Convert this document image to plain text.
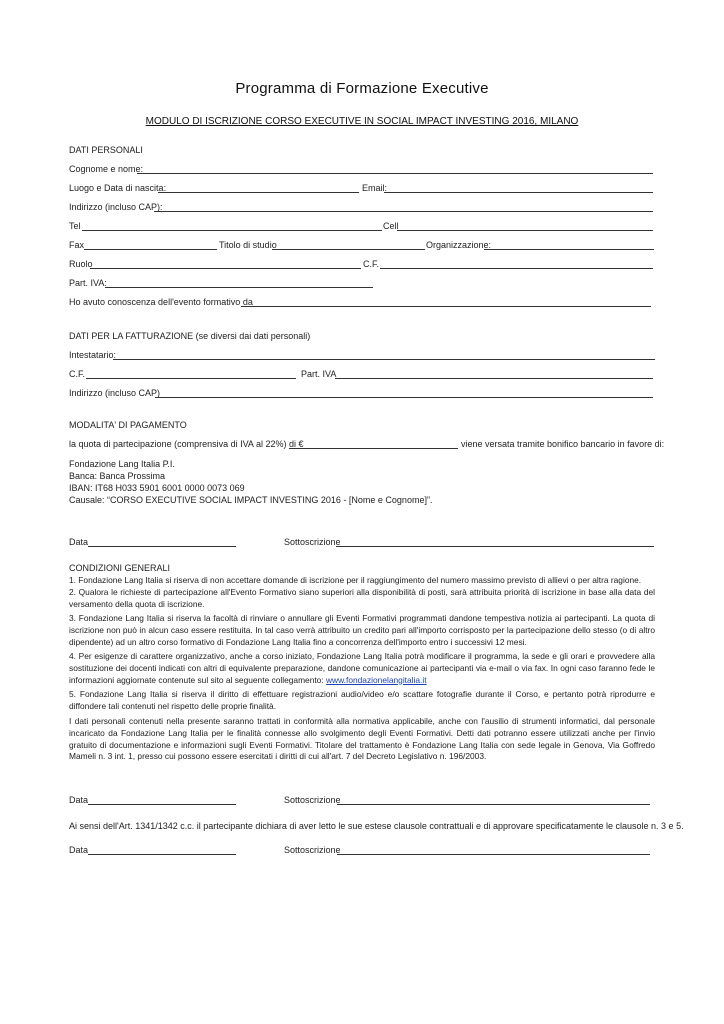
Programma di Formazione Executive
MODULO DI ISCRIZIONE CORSO EXECUTIVE IN SOCIAL IMPACT INVESTING 2016, MILANO
DATI PERSONALI
Cognome e nome:
Luogo e Data di nascita:	Email:
Indirizzo (incluso CAP):
Tel	Cell
Fax	Titolo di studio	Organizzazione:
Ruolo	C.F.
Part. IVA:
Ho avuto conoscenza dell'evento formativo da
DATI PER LA FATTURAZIONE (se diversi dai dati personali)
Intestatario:
C.F.	Part. IVA
Indirizzo (incluso CAP)
MODALITA' DI PAGAMENTO
la quota di partecipazione (comprensiva di IVA al 22%) di €	viene versata tramite bonifico bancario in favore di:
Fondazione Lang Italia P.I.
Banca: Banca Prossima
IBAN: IT68 H033 5901 6001 0000 0073 069
Causale: “CORSO EXECUTIVE SOCIAL IMPACT INVESTING 2016 - [Nome e Cognome]”.
Data	Sottoscrizione
CONDIZIONI GENERALI
1. Fondazione Lang Italia si riserva di non accettare domande di iscrizione per il raggiungimento del numero massimo previsto di allievi o per altra ragione.
2. Qualora le richieste di partecipazione all'Evento Formativo siano superiori alla disponibilità di posti, sarà attribuita priorità di iscrizione in base alla data del versamento della quota di iscrizione.
3. Fondazione Lang Italia si riserva la facoltà di rinviare o annullare gli Eventi Formativi programmati dandone tempestiva notizia ai partecipanti. La quota di iscrizione non può in alcun caso essere restituita. In tal caso verrà attribuito un credito pari all'importo corrisposto per la partecipazione dello stesso (o di altro dipendente) ad un altro corso formativo di Fondazione Lang Italia fino a concorrenza dell'importo entro i successivi 12 mesi.
4. Per esigenze di carattere organizzativo, anche a corso iniziato, Fondazione Lang Italia potrà modificare il programma, la sede e gli orari e provvedere alla sostituzione dei docenti indicati con altri di equivalente preparazione, dandone comunicazione ai partecipanti via e-mail o via fax. In ogni caso faranno fede le informazioni aggiornate contenute sul sito al seguente collegamento: www.fondazionelangitalia.it
5. Fondazione Lang Italia si riserva il diritto di effettuare registrazioni audio/video e/o scattare fotografie durante il Corso, e pertanto potrà riprodurre e diffondere tali contenuti nel rispetto delle proprie finalità.
I dati personali contenuti nella presente saranno trattati in conformità alla normativa applicabile, anche con l'ausilio di strumenti informatici, dal personale incaricato da Fondazione Lang Italia per le finalità connesse allo svolgimento degli Eventi Formativi. Detti dati potranno essere utilizzati anche per l'invio gratuito di documentazione e informazioni sugli Eventi Formativi. Titolare del trattamento è Fondazione Lang Italia con sede legale in Genova, Via Goffredo Mameli n. 3 int. 1, presso cui possono essere esercitati i diritti di cui all'art. 7 del Decreto Legislativo n. 196/2003.
Data	Sottoscrizione
Ai sensi dell'Art. 1341/1342 c.c. il partecipante dichiara di aver letto le sue estese clausole contrattuali e di approvare specificatamente le clausole n. 3 e 5.
Data	Sottoscrizione
